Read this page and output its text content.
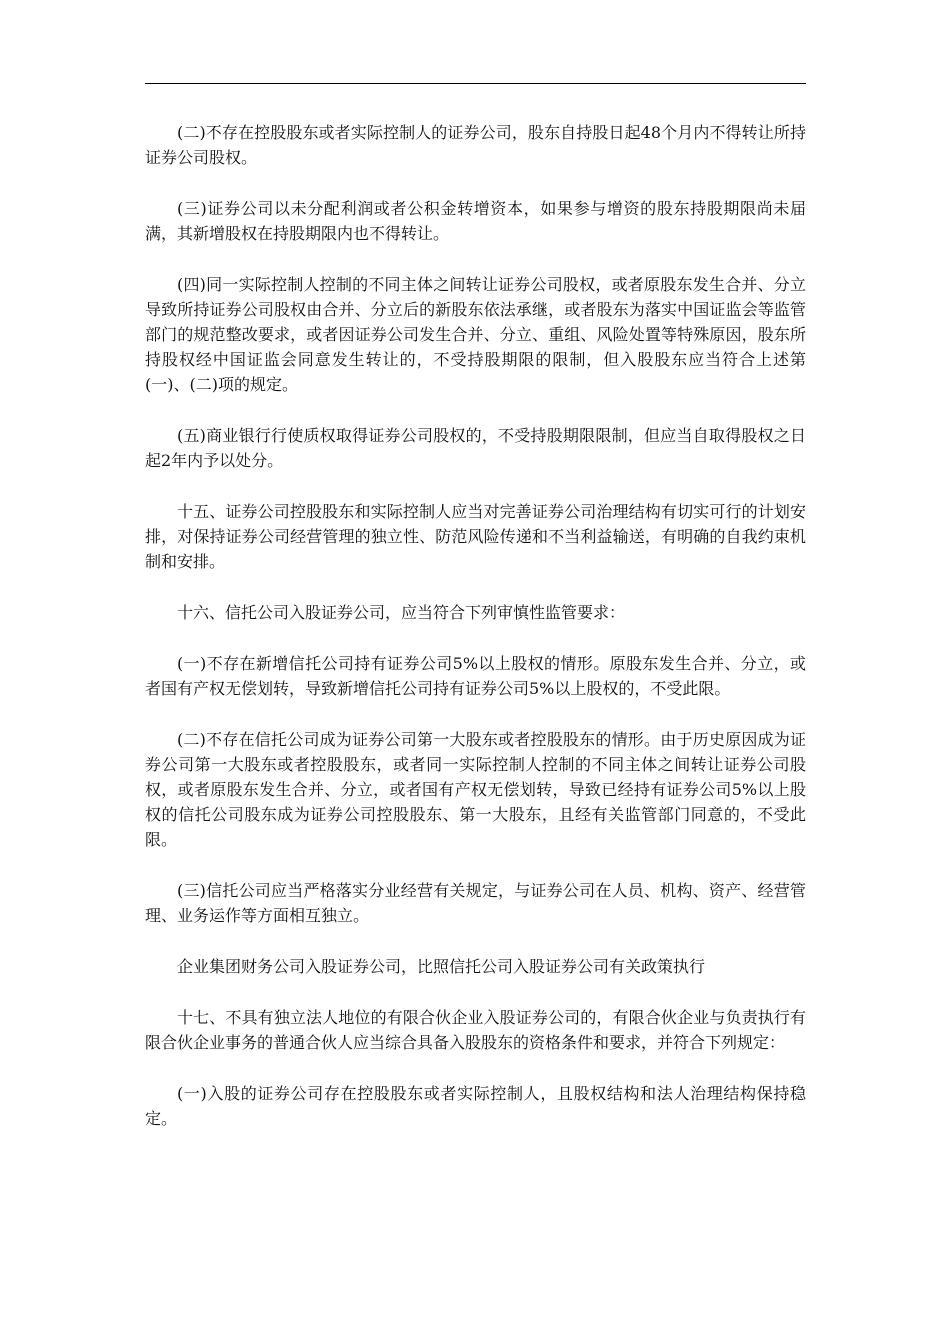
(二)不存在控股股东或者实际控制人的证券公司，股东自持股日起48个月内不得转让所持证券公司股权。

(三)证券公司以未分配利润或者公积金转增资本，如果参与增资的股东持股期限尚未届满，其新增股权在持股期限内也不得转让。

(四)同一实际控制人控制的不同主体之间转让证券公司股权，或者原股东发生合并、分立导致所持证券公司股权由合并、分立后的新股东依法承继，或者股东为落实中国证监会等监管部门的规范整改要求，或者因证券公司发生合并、分立、重组、风险处置等特殊原因，股东所持股权经中国证监会同意发生转让的，不受持股期限的限制，但入股股东应当符合上述第(一)、(二)项的规定。

(五)商业银行行使质权取得证券公司股权的，不受持股期限限制，但应当自取得股权之日起2年内予以处分。

十五、证券公司控股股东和实际控制人应当对完善证券公司治理结构有切实可行的计划安排，对保持证券公司经营管理的独立性、防范风险传递和不当利益输送，有明确的自我约束机制和安排。

十六、信托公司入股证券公司，应当符合下列审慎性监管要求：

(一)不存在新增信托公司持有证券公司5%以上股权的情形。原股东发生合并、分立，或者国有产权无偿划转，导致新增信托公司持有证券公司5%以上股权的，不受此限。

(二)不存在信托公司成为证券公司第一大股东或者控股股东的情形。由于历史原因成为证券公司第一大股东或者控股股东，或者同一实际控制人控制的不同主体之间转让证券公司股权，或者原股东发生合并、分立，或者国有产权无偿划转，导致已经持有证券公司5%以上股权的信托公司股东成为证券公司控股股东、第一大股东，且经有关监管部门同意的，不受此限。

(三)信托公司应当严格落实分业经营有关规定，与证券公司在人员、机构、资产、经营管理、业务运作等方面相互独立。

企业集团财务公司入股证券公司，比照信托公司入股证券公司有关政策执行

十七、不具有独立法人地位的有限合伙企业入股证券公司的，有限合伙企业与负责执行有限合伙企业事务的普通合伙人应当综合具备入股股东的资格条件和要求，并符合下列规定：

(一)入股的证券公司存在控股股东或者实际控制人，且股权结构和法人治理结构保持稳定。
